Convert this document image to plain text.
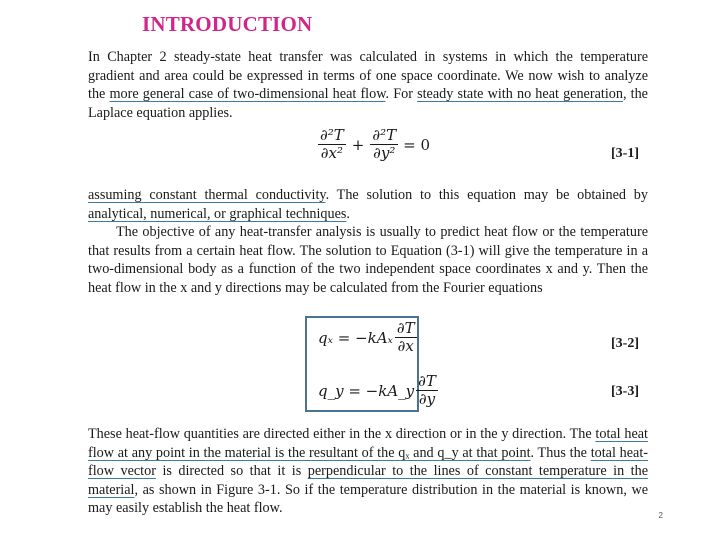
INTRODUCTION
In Chapter 2 steady-state heat transfer was calculated in systems in which the temperature gradient and area could be expressed in terms of one space coordinate. We now wish to analyze the more general case of two-dimensional heat flow. For steady state with no heat generation, the Laplace equation applies.
$\frac{\text{∂²T}}{\text{∂x²}} + \frac{\text{∂²T}}{\text{∂y²}} = 0$	[3-1]
assuming constant thermal conductivity. The solution to this equation may be obtained by analytical, numerical, or graphical techniques.
The objective of any heat-transfer analysis is usually to predict heat flow or the temperature that results from a certain heat flow. The solution to Equation (3-1) will give the temperature in a two-dimensional body as a function of the two independent space coordinates x and y. Then the heat flow in the x and y directions may be calculated from the Fourier equations
$q_x = -kA_x \frac{\partial T}{\partial x}$	[3-2]
q_y = −kA_y $\frac{\partial T}{\partial y}$	[3-3]
These heat-flow quantities are directed either in the x direction or in the y direction. The total heat flow at any point in the material is the resultant of the qₓ and q_y at that point. Thus the total heat-flow vector is directed so that it is perpendicular to the lines of constant temperature in the material, as shown in Figure 3-1. So if the temperature distribution in the material is known, we may easily establish the heat flow.	2
